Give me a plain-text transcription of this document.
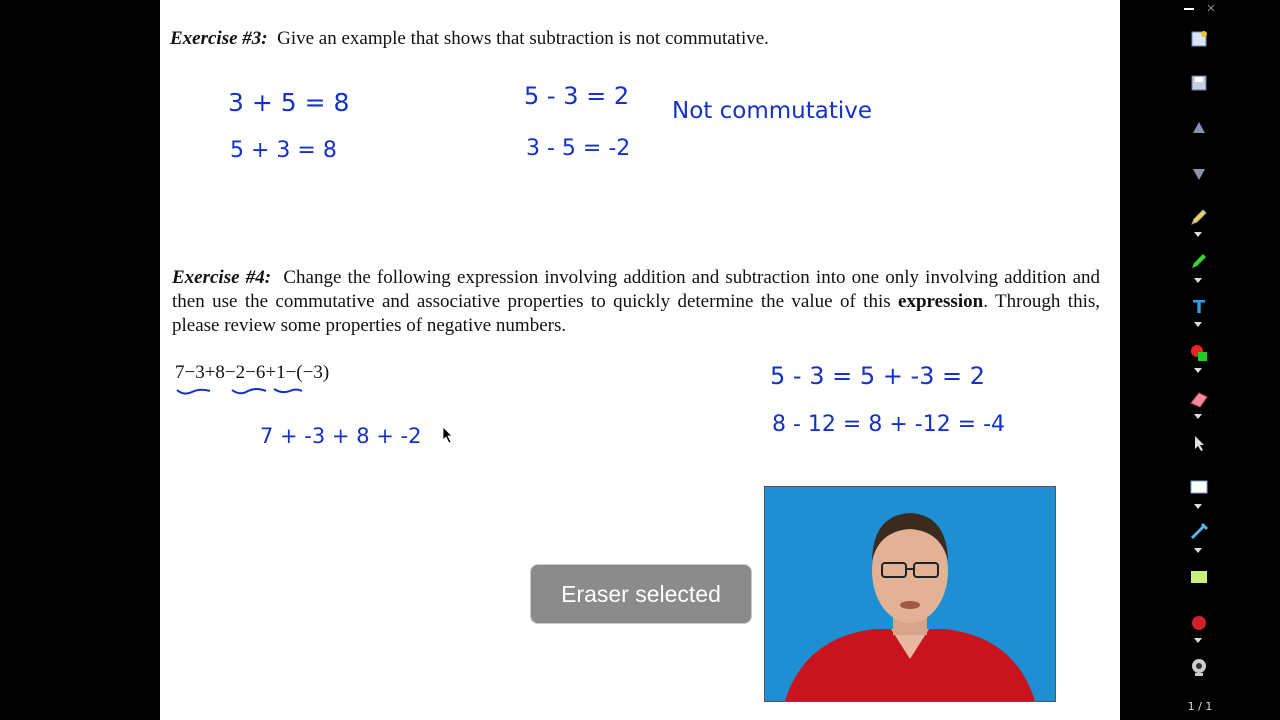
Exercise #3: Give an example that shows that subtraction is not commutative.
3 + 5 = 8
5 + 3 = 8
5 - 3 = 2
3 - 5 = -2
Not commutative
Exercise #4: Change the following expression involving addition and subtraction into one only involving addition and then use the commutative and associative properties to quickly determine the value of this expression. Through this, please review some properties of negative numbers.
7−3+8−2−6+1−(−3)
7 + -3 + 8 + -2
5 - 3 = 5 + -3 = 2
8 - 12 = 8 + -12 = -4
Eraser selected
✕
T
1 / 1
